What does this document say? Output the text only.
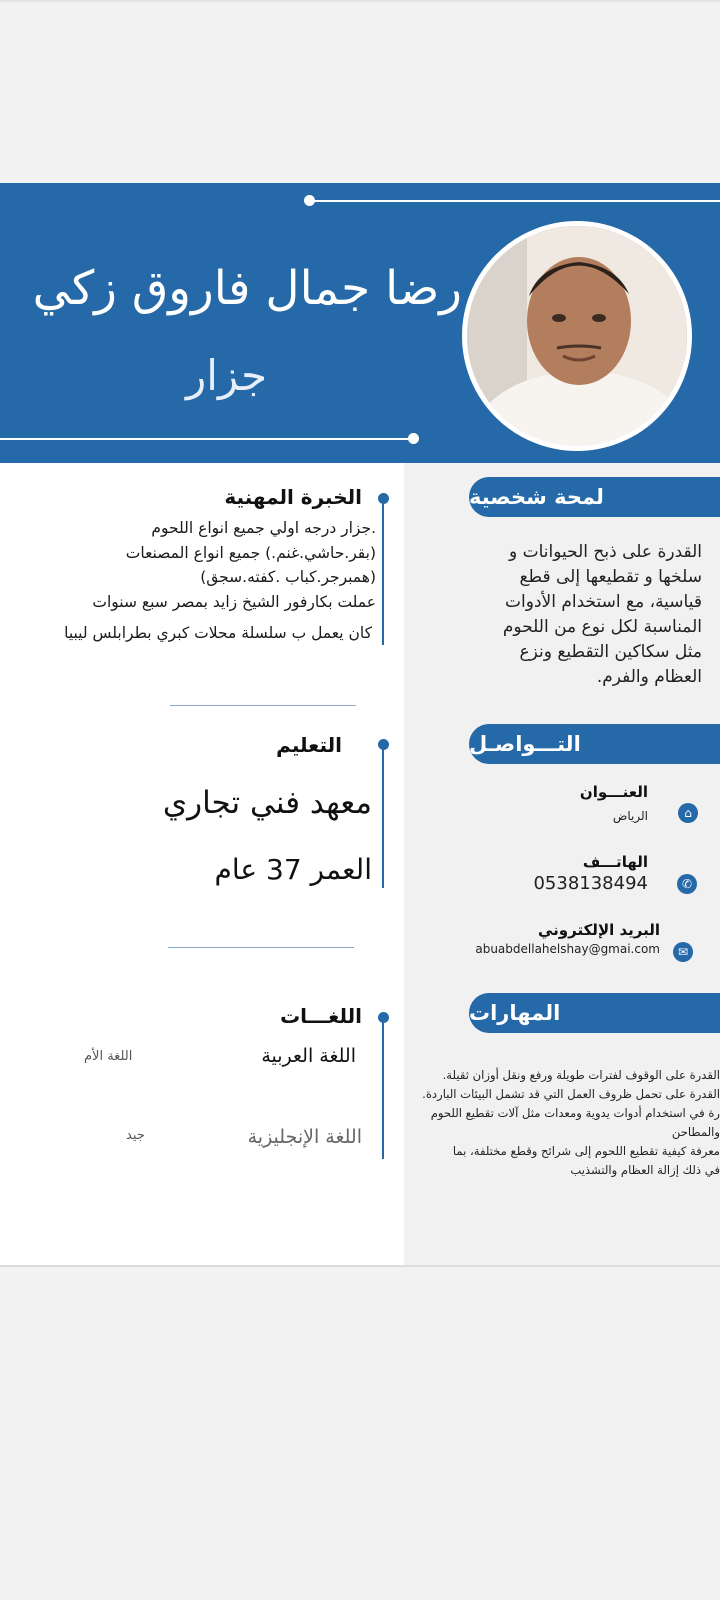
رضا جمال فاروق زكي
جزار
لمحة شخصية
القدرة على ذبح الحيوانات و سلخها و تقطيعها إلى قطع قياسية، مع استخدام الأدوات المناسبة لكل نوع من اللحوم مثل سكاكين التقطيع ونزع العظام والفرم.
التـــواصـل
العنـــوان
الرياض	⌂
الهاتـــف
0538138494	✆
البريد الإلكتروني
abuabdellahelshay@gmai.com	✉
المهارات
القدرة على الوقوف لفترات طويلة ورفع ونقل أوزان ثقيلة.
القدرة على تحمل ظروف العمل التي قد تشمل البيئات الباردة.
رة في استخدام أدوات يدوية ومعدات مثل آلات تقطيع اللحوم
والمطاحن
معرفة كيفية تقطيع اللحوم إلى شرائح وقطع مختلفة، بما
في ذلك إزالة العظام والتشذيب
الخبرة المهنية
.جزار درجه اولي جميع انواع اللحوم
(بقر.حاشي.غنم.) جميع انواع المصنعات
(همبرجر.كباب .كفته.سجق)
عملت بكارفور الشيخ زايد بمصر سبع سنوات
كان يعمل ب سلسلة محلات كبري بطرابلس ليبيا
التعليم
معهد فني تجاري
العمر 37 عام
اللغـــات
اللغة العربية
اللغة الأم
اللغة الإنجليزية
جيد
